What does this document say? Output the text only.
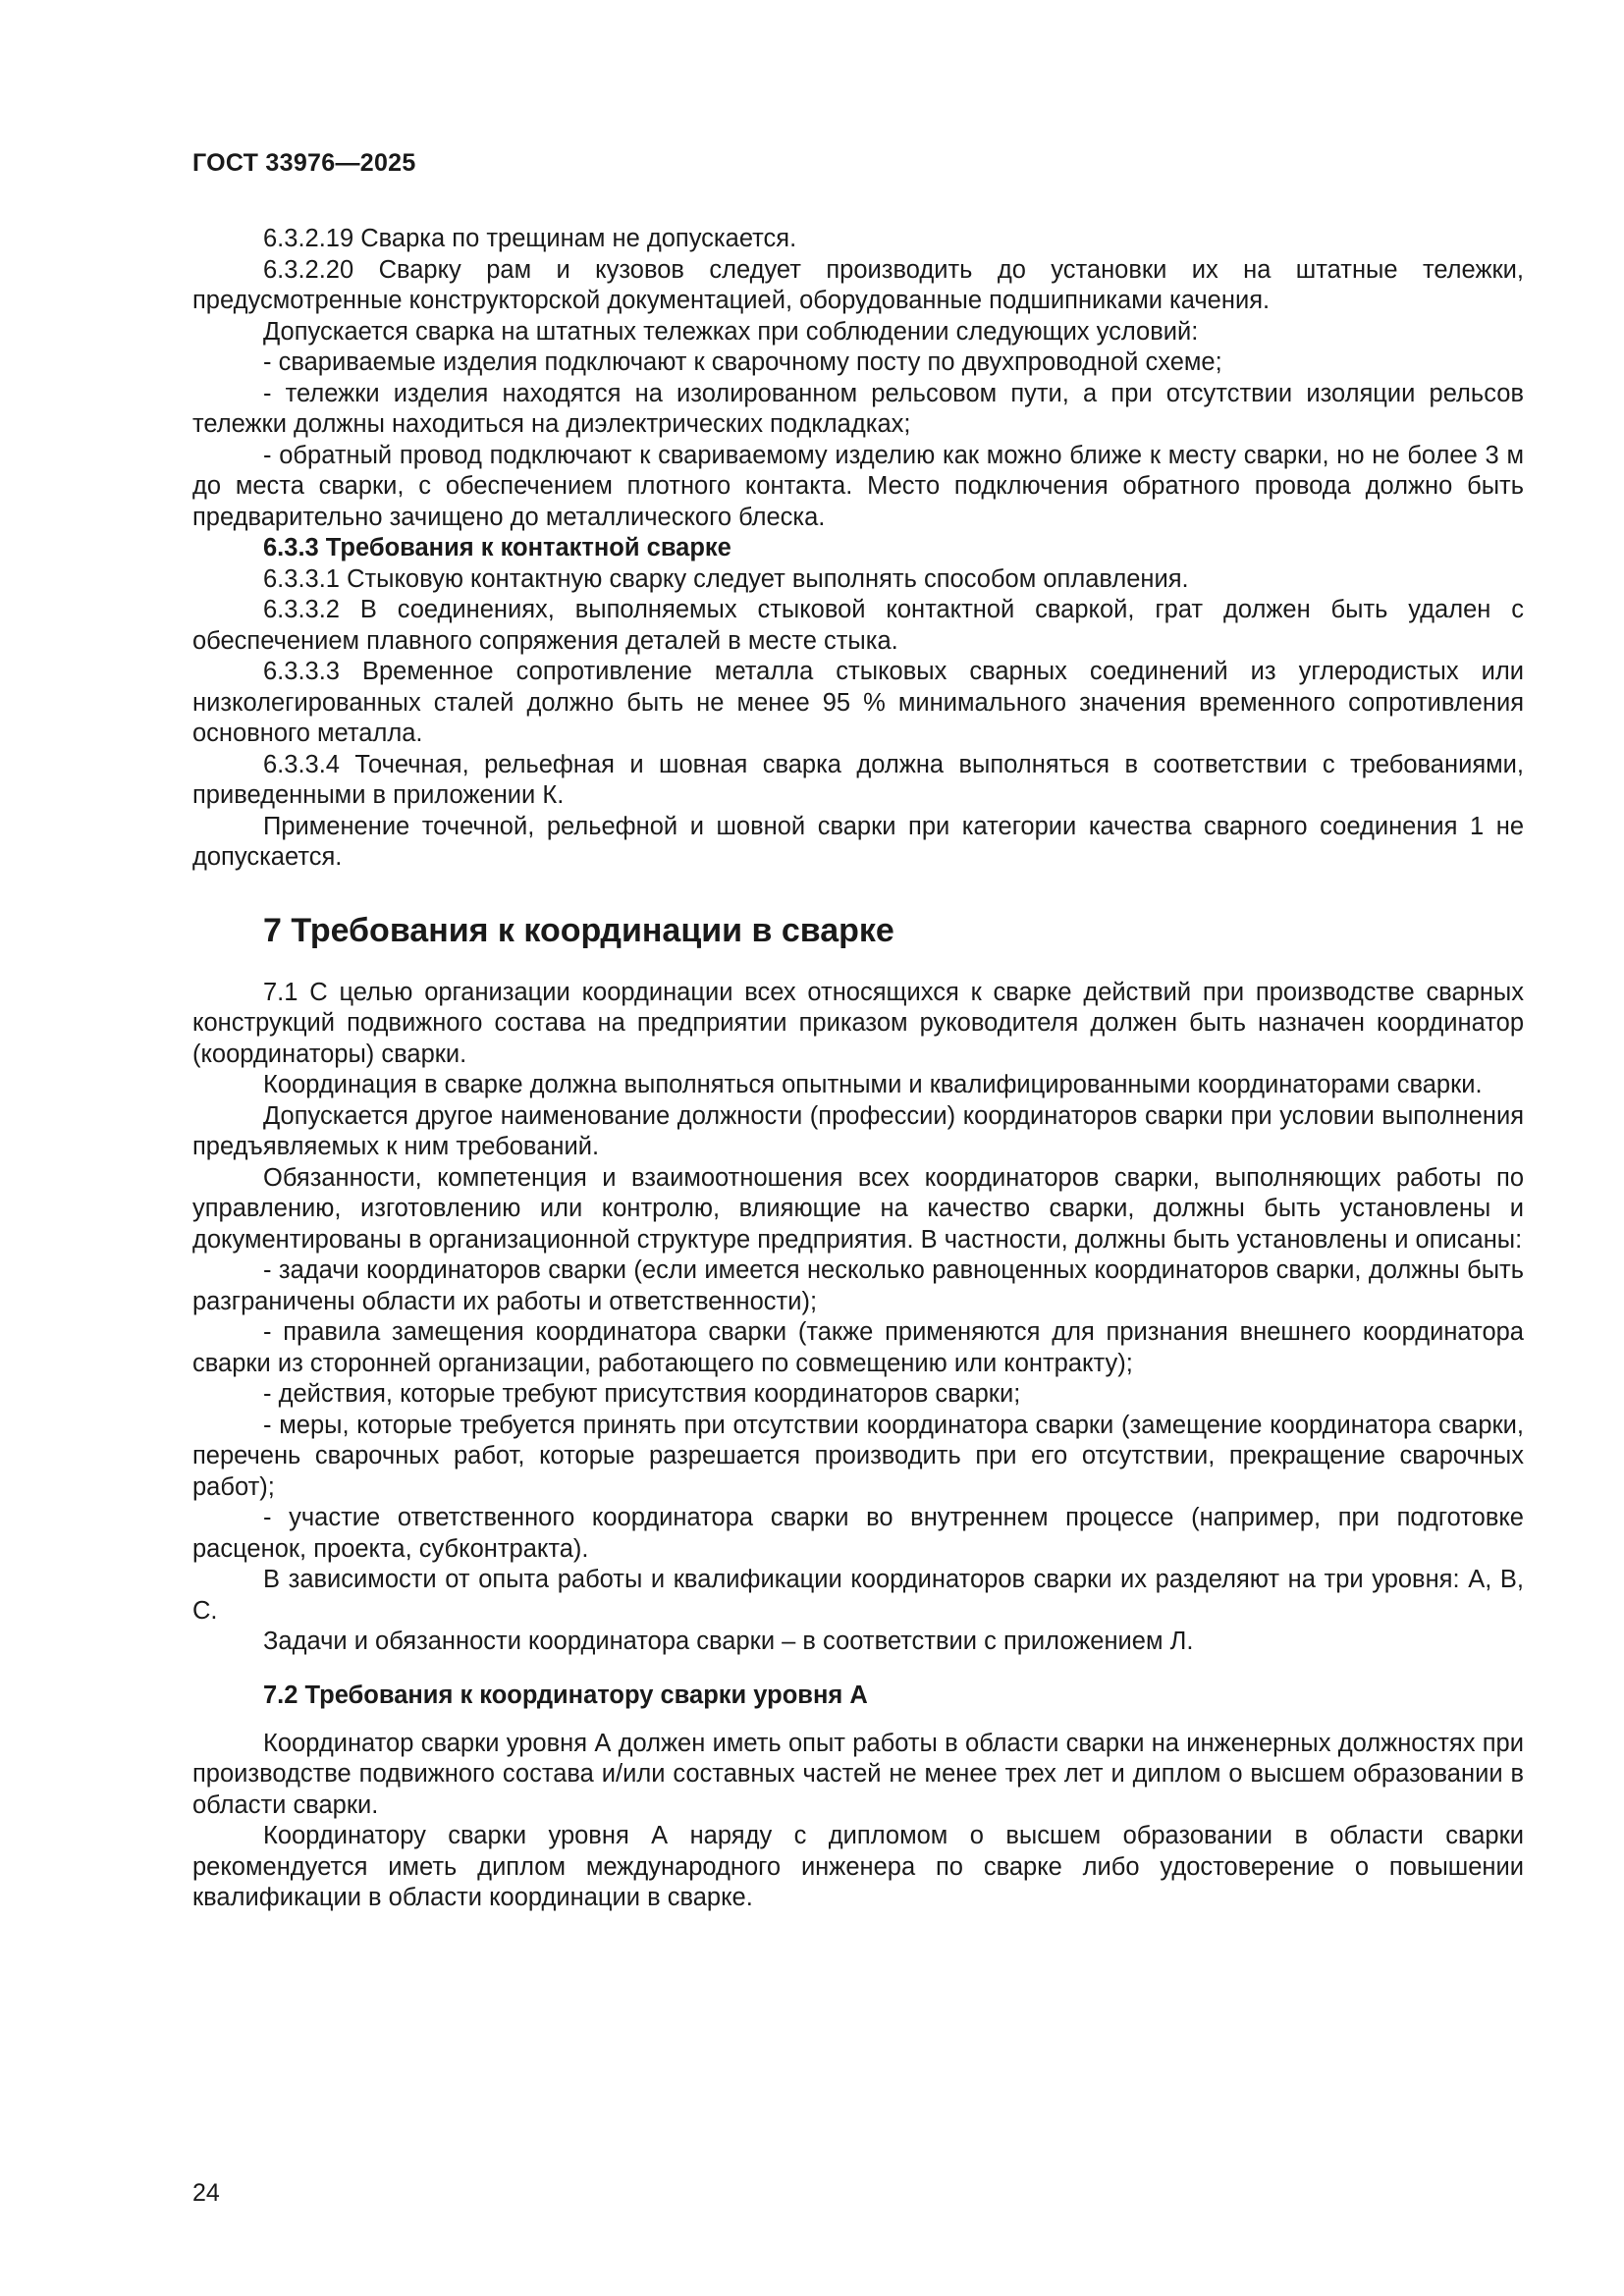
ГОСТ 33976—2025

6.3.2.19 Сварка по трещинам не допускается.

6.3.2.20 Сварку рам и кузовов следует производить до установки их на штатные тележки, предусмотренные конструкторской документацией, оборудованные подшипниками качения.

Допускается сварка на штатных тележках при соблюдении следующих условий:

- свариваемые изделия подключают к сварочному посту по двухпроводной схеме;

- тележки изделия находятся на изолированном рельсовом пути, а при отсутствии изоляции рельсов тележки должны находиться на диэлектрических подкладках;

- обратный провод подключают к свариваемому изделию как можно ближе к месту сварки, но не более 3 м до места сварки, с обеспечением плотного контакта. Место подключения обратного провода должно быть предварительно зачищено до металлического блеска.

6.3.3 Требования к контактной сварке

6.3.3.1 Стыковую контактную сварку следует выполнять способом оплавления.

6.3.3.2 В соединениях, выполняемых стыковой контактной сваркой, грат должен быть удален с обеспечением плавного сопряжения деталей в месте стыка.

6.3.3.3 Временное сопротивление металла стыковых сварных соединений из углеродистых или низколегированных сталей должно быть не менее 95 % минимального значения временного сопротивления основного металла.

6.3.3.4 Точечная, рельефная и шовная сварка должна выполняться в соответствии с требованиями, приведенными в приложении К.

Применение точечной, рельефной и шовной сварки при категории качества сварного соединения 1 не допускается.

7 Требования к координации в сварке

7.1 С целью организации координации всех относящихся к сварке действий при производстве сварных конструкций подвижного состава на предприятии приказом руководителя должен быть назначен координатор (координаторы) сварки.

Координация в сварке должна выполняться опытными и квалифицированными координаторами сварки.

Допускается другое наименование должности (профессии) координаторов сварки при условии выполнения предъявляемых к ним требований.

Обязанности, компетенция и взаимоотношения всех координаторов сварки, выполняющих работы по управлению, изготовлению или контролю, влияющие на качество сварки, должны быть установлены и документированы в организационной структуре предприятия. В частности, должны быть установлены и описаны:

- задачи координаторов сварки (если имеется несколько равноценных координаторов сварки, должны быть разграничены области их работы и ответственности);

- правила замещения координатора сварки (также применяются для признания внешнего координатора сварки из сторонней организации, работающего по совмещению или контракту);

- действия, которые требуют присутствия координаторов сварки;

- меры, которые требуется принять при отсутствии координатора сварки (замещение координатора сварки, перечень сварочных работ, которые разрешается производить при его отсутствии, прекращение сварочных работ);

- участие ответственного координатора сварки во внутреннем процессе (например, при подготовке расценок, проекта, субконтракта).

В зависимости от опыта работы и квалификации координаторов сварки их разделяют на три уровня: А, В, С.

Задачи и обязанности координатора сварки – в соответствии с приложением Л.

7.2 Требования к координатору сварки уровня А

Координатор сварки уровня А должен иметь опыт работы в области сварки на инженерных должностях при производстве подвижного состава и/или составных частей не менее трех лет и диплом о высшем образовании в области сварки.

Координатору сварки уровня А наряду с дипломом о высшем образовании в области сварки рекомендуется иметь диплом международного инженера по сварке либо удостоверение о повышении квалификации в области координации в сварке.

24
